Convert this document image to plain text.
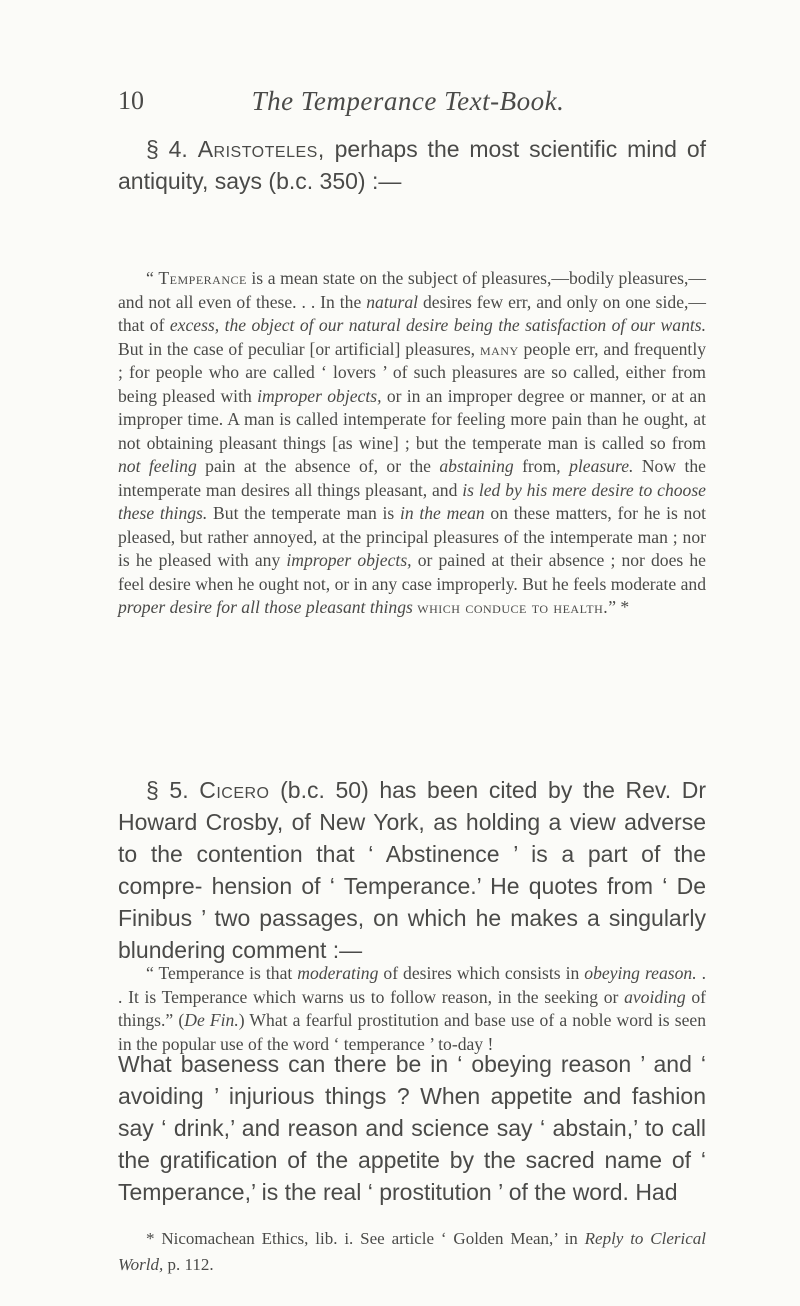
10	The Temperance Text-Book.

§ 4. Aristoteles, perhaps the most scientific mind of antiquity, says (b.c. 350) :—

“ Temperance is a mean state on the subject of pleasures,—bodily pleasures,—and not all even of these. . . In the natural desires few err, and only on one side,—that of excess, the object of our natural desire being the satisfaction of our wants. But in the case of peculiar [or artificial] pleasures, many people err, and frequently ; for people who are called ‘ lovers ’ of such pleasures are so called, either from being pleased with improper objects, or in an improper degree or manner, or at an improper time. A man is called intemperate for feeling more pain than he ought, at not obtaining pleasant things [as wine] ; but the temperate man is called so from not feeling pain at the absence of, or the abstaining from, pleasure. Now the intemperate man desires all things pleasant, and is led by his mere desire to choose these things. But the temperate man is in the mean on these matters, for he is not pleased, but rather annoyed, at the principal pleasures of the intemperate man ; nor is he pleased with any improper objects, or pained at their absence ; nor does he feel desire when he ought not, or in any case improperly. But he feels moderate and proper desire for all those pleasant things which conduce to health.” *

§ 5. Cicero (b.c. 50) has been cited by the Rev. Dr Howard Crosby, of New York, as holding a view adverse to the contention that ‘ Abstinence ’ is a part of the compre- hension of ‘ Temperance.’ He quotes from ‘ De Finibus ’ two passages, on which he makes a singularly blundering comment :—

“ Temperance is that moderating of desires which consists in obeying reason. . . It is Temperance which warns us to follow reason, in the seeking or avoiding of things.” (De Fin.) What a fearful prostitution and base use of a noble word is seen in the popular use of the word ‘ temperance ’ to-day !

What baseness can there be in ‘ obeying reason ’ and ‘ avoiding ’ injurious things ? When appetite and fashion say ‘ drink,’ and reason and science say ‘ abstain,’ to call the gratification of the appetite by the sacred name of ‘ Temperance,’ is the real ‘ prostitution ’ of the word. Had

* Nicomachean Ethics, lib. i. See article ‘ Golden Mean,’ in Reply to Clerical World, p. 112.
